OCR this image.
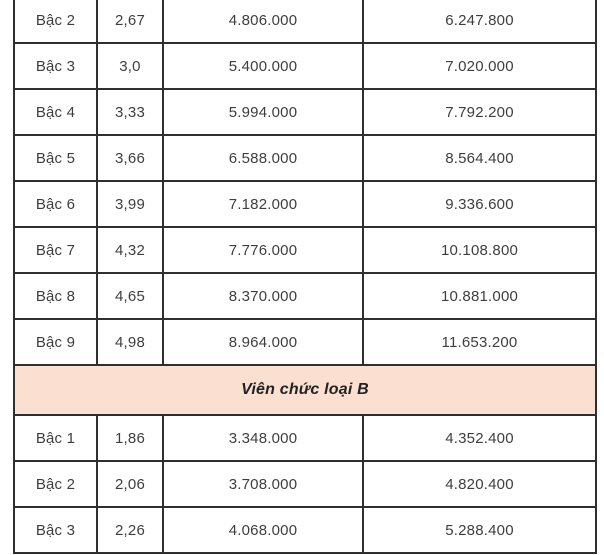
Bậc 2	2,67	4.806.000	6.247.800
Bậc 3	3,0	5.400.000	7.020.000
Bậc 4	3,33	5.994.000	7.792.200
Bậc 5	3,66	6.588.000	8.564.400
Bậc 6	3,99	7.182.000	9.336.600
Bậc 7	4,32	7.776.000	10.108.800
Bậc 8	4,65	8.370.000	10.881.000
Bậc 9	4,98	8.964.000	11.653.200
Viên chức loại B			
Bậc 1	1,86	3.348.000	4.352.400
Bậc 2	2,06	3.708.000	4.820.400
Bậc 3	2,26	4.068.000	5.288.400
